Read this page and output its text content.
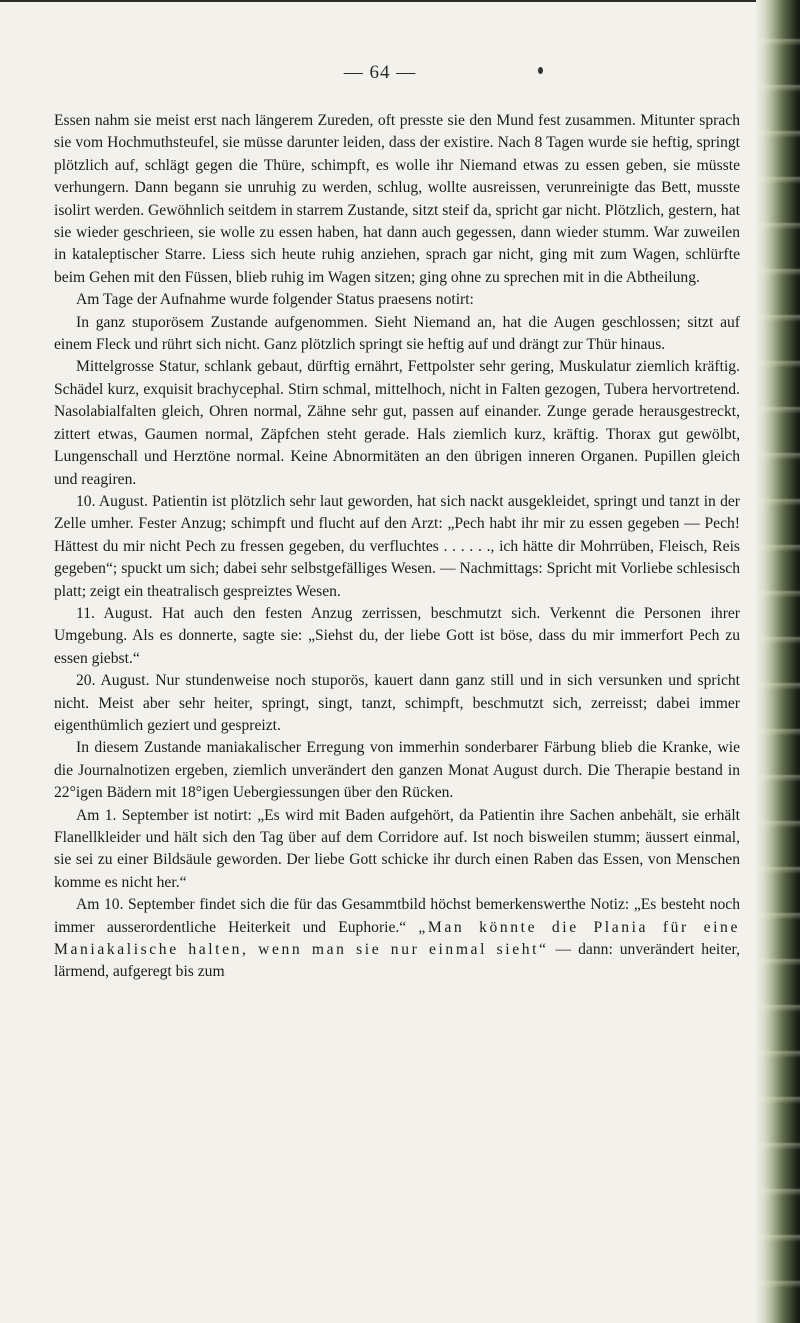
— 64 —

Essen nahm sie meist erst nach längerem Zureden, oft presste sie den Mund fest zusammen. Mitunter sprach sie vom Hochmuthsteufel, sie müsse darunter leiden, dass der existire. Nach 8 Tagen wurde sie heftig, springt plötzlich auf, schlägt gegen die Thüre, schimpft, es wolle ihr Niemand etwas zu essen geben, sie müsste verhungern. Dann begann sie unruhig zu werden, schlug, wollte ausreissen, verunreinigte das Bett, musste isolirt werden. Gewöhnlich seitdem in starrem Zustande, sitzt steif da, spricht gar nicht. Plötzlich, gestern, hat sie wieder geschrieen, sie wolle zu essen haben, hat dann auch gegessen, dann wieder stumm. War zuweilen in kataleptischer Starre. Liess sich heute ruhig anziehen, sprach gar nicht, ging mit zum Wagen, schlürfte beim Gehen mit den Füssen, blieb ruhig im Wagen sitzen; ging ohne zu sprechen mit in die Abtheilung.

Am Tage der Aufnahme wurde folgender Status praesens notirt:

In ganz stuporösem Zustande aufgenommen. Sieht Niemand an, hat die Augen geschlossen; sitzt auf einem Fleck und rührt sich nicht. Ganz plötzlich springt sie heftig auf und drängt zur Thür hinaus.

Mittelgrosse Statur, schlank gebaut, dürftig ernährt, Fettpolster sehr gering, Muskulatur ziemlich kräftig. Schädel kurz, exquisit brachycephal. Stirn schmal, mittelhoch, nicht in Falten gezogen, Tubera hervortretend. Nasolabialfalten gleich, Ohren normal, Zähne sehr gut, passen auf einander. Zunge gerade herausgestreckt, zittert etwas, Gaumen normal, Zäpfchen steht gerade. Hals ziemlich kurz, kräftig. Thorax gut gewölbt, Lungenschall und Herztöne normal. Keine Abnormitäten an den übrigen inneren Organen. Pupillen gleich und reagiren.

10. August. Patientin ist plötzlich sehr laut geworden, hat sich nackt ausgekleidet, springt und tanzt in der Zelle umher. Fester Anzug; schimpft und flucht auf den Arzt: „Pech habt ihr mir zu essen gegeben — Pech! Hättest du mir nicht Pech zu fressen gegeben, du verfluchtes . . . . . ., ich hätte dir Mohrrüben, Fleisch, Reis gegeben“; spuckt um sich; dabei sehr selbstgefälliges Wesen. — Nachmittags: Spricht mit Vorliebe schlesisch platt; zeigt ein theatralisch gespreiztes Wesen.

11. August. Hat auch den festen Anzug zerrissen, beschmutzt sich. Verkennt die Personen ihrer Umgebung. Als es donnerte, sagte sie: „Siehst du, der liebe Gott ist böse, dass du mir immerfort Pech zu essen giebst.“

20. August. Nur stundenweise noch stuporös, kauert dann ganz still und in sich versunken und spricht nicht. Meist aber sehr heiter, springt, singt, tanzt, schimpft, beschmutzt sich, zerreisst; dabei immer eigenthümlich geziert und gespreizt.

In diesem Zustande maniakalischer Erregung von immerhin sonderbarer Färbung blieb die Kranke, wie die Journalnotizen ergeben, ziemlich unverändert den ganzen Monat August durch. Die Therapie bestand in 22°igen Bädern mit 18°igen Uebergiessungen über den Rücken.

Am 1. September ist notirt: „Es wird mit Baden aufgehört, da Patientin ihre Sachen anbehält, sie erhält Flanellkleider und hält sich den Tag über auf dem Corridore auf. Ist noch bisweilen stumm; äussert einmal, sie sei zu einer Bildsäule geworden. Der liebe Gott schicke ihr durch einen Raben das Essen, von Menschen komme es nicht her.“

Am 10. September findet sich die für das Gesammtbild höchst bemerkenswerthe Notiz: „Es besteht noch immer ausserordentliche Heiterkeit und Euphorie.“ „Man könnte die Plania für eine Maniakalische halten, wenn man sie nur einmal sieht“ — dann: unverändert heiter, lärmend, aufgeregt bis zum
